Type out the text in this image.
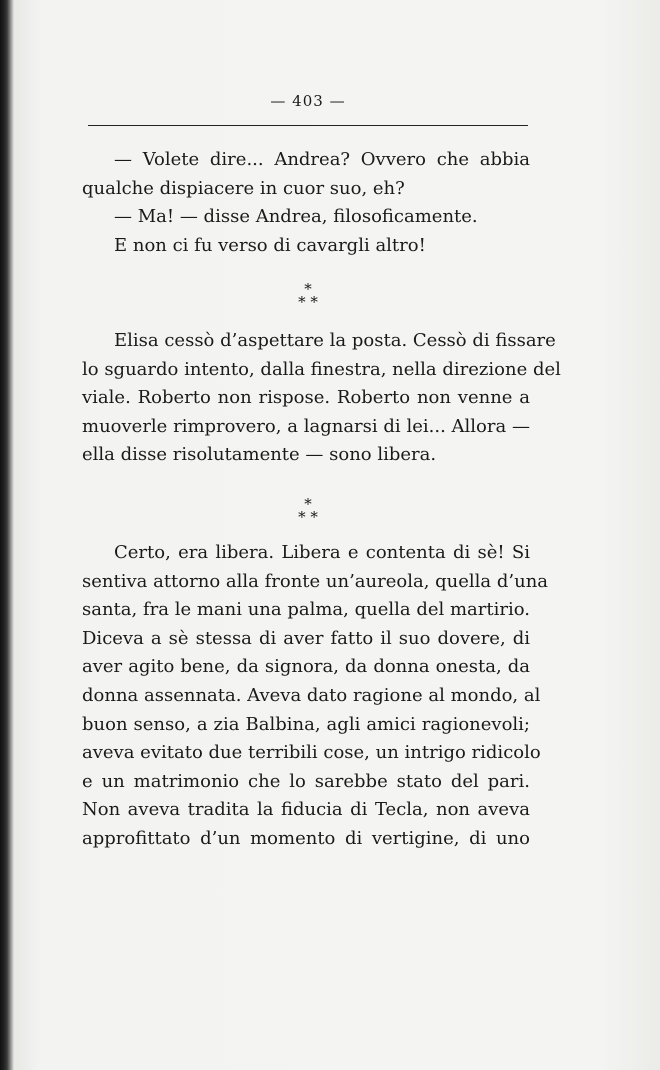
— 403 —
— Volete dire... Andrea? Ovvero che abbia
qualche dispiacere in cuor suo, eh?
— Ma! — disse Andrea, filosoficamente.
E non ci fu verso di cavargli altro!
*
* *
Elisa cessò d’aspettare la posta. Cessò di fissare
lo sguardo intento, dalla finestra, nella direzione del
viale. Roberto non rispose. Roberto non venne a
muoverle rimprovero, a lagnarsi di lei... Allora —
ella disse risolutamente — sono libera.
*
* *
Certo, era libera. Libera e contenta di sè! Si
sentiva attorno alla fronte un’aureola, quella d’una
santa, fra le mani una palma, quella del martirio.
Diceva a sè stessa di aver fatto il suo dovere, di
aver agito bene, da signora, da donna onesta, da
donna assennata. Aveva dato ragione al mondo, al
buon senso, a zia Balbina, agli amici ragionevoli;
aveva evitato due terribili cose, un intrigo ridicolo
e un matrimonio che lo sarebbe stato del pari.
Non aveva tradita la fiducia di Tecla, non aveva
approfittato d’un momento di vertigine, di uno
